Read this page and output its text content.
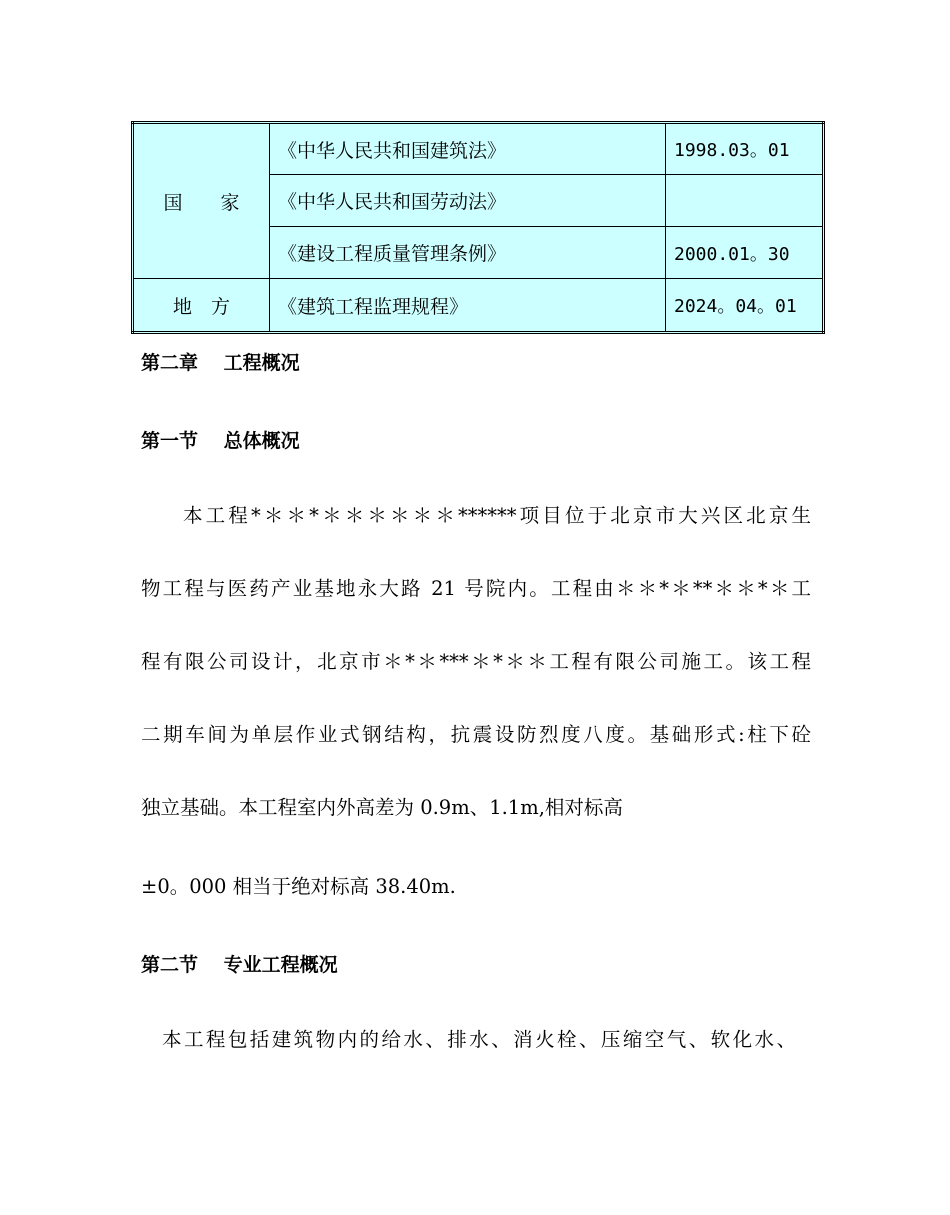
国　　家	《中华人民共和国建筑法》	1998.03。01
	《中华人民共和国劳动法》	
	《建设工程质量管理条例》	2000.01。30
地　方	《建筑工程监理规程》	2024。04。01
第二章　 工程概况
第一节　 总体概况
本工程*＊＊*＊＊＊＊＊＊******项目位于北京市大兴区北京生
物工程与医药产业基地永大路 21 号院内。工程由＊＊*＊**＊＊*＊工
程有限公司设计，北京市＊*＊***＊*＊＊工程有限公司施工。该工程
二期车间为单层作业式钢结构，抗震设防烈度八度。基础形式:柱下砼
独立基础。本工程室内外高差为 0.9m、1.1m,相对标高
±0。000 相当于绝对标高 38.40m.
第二节　 专业工程概况
本工程包括建筑物内的给水、排水、消火栓、压缩空气、软化水、
